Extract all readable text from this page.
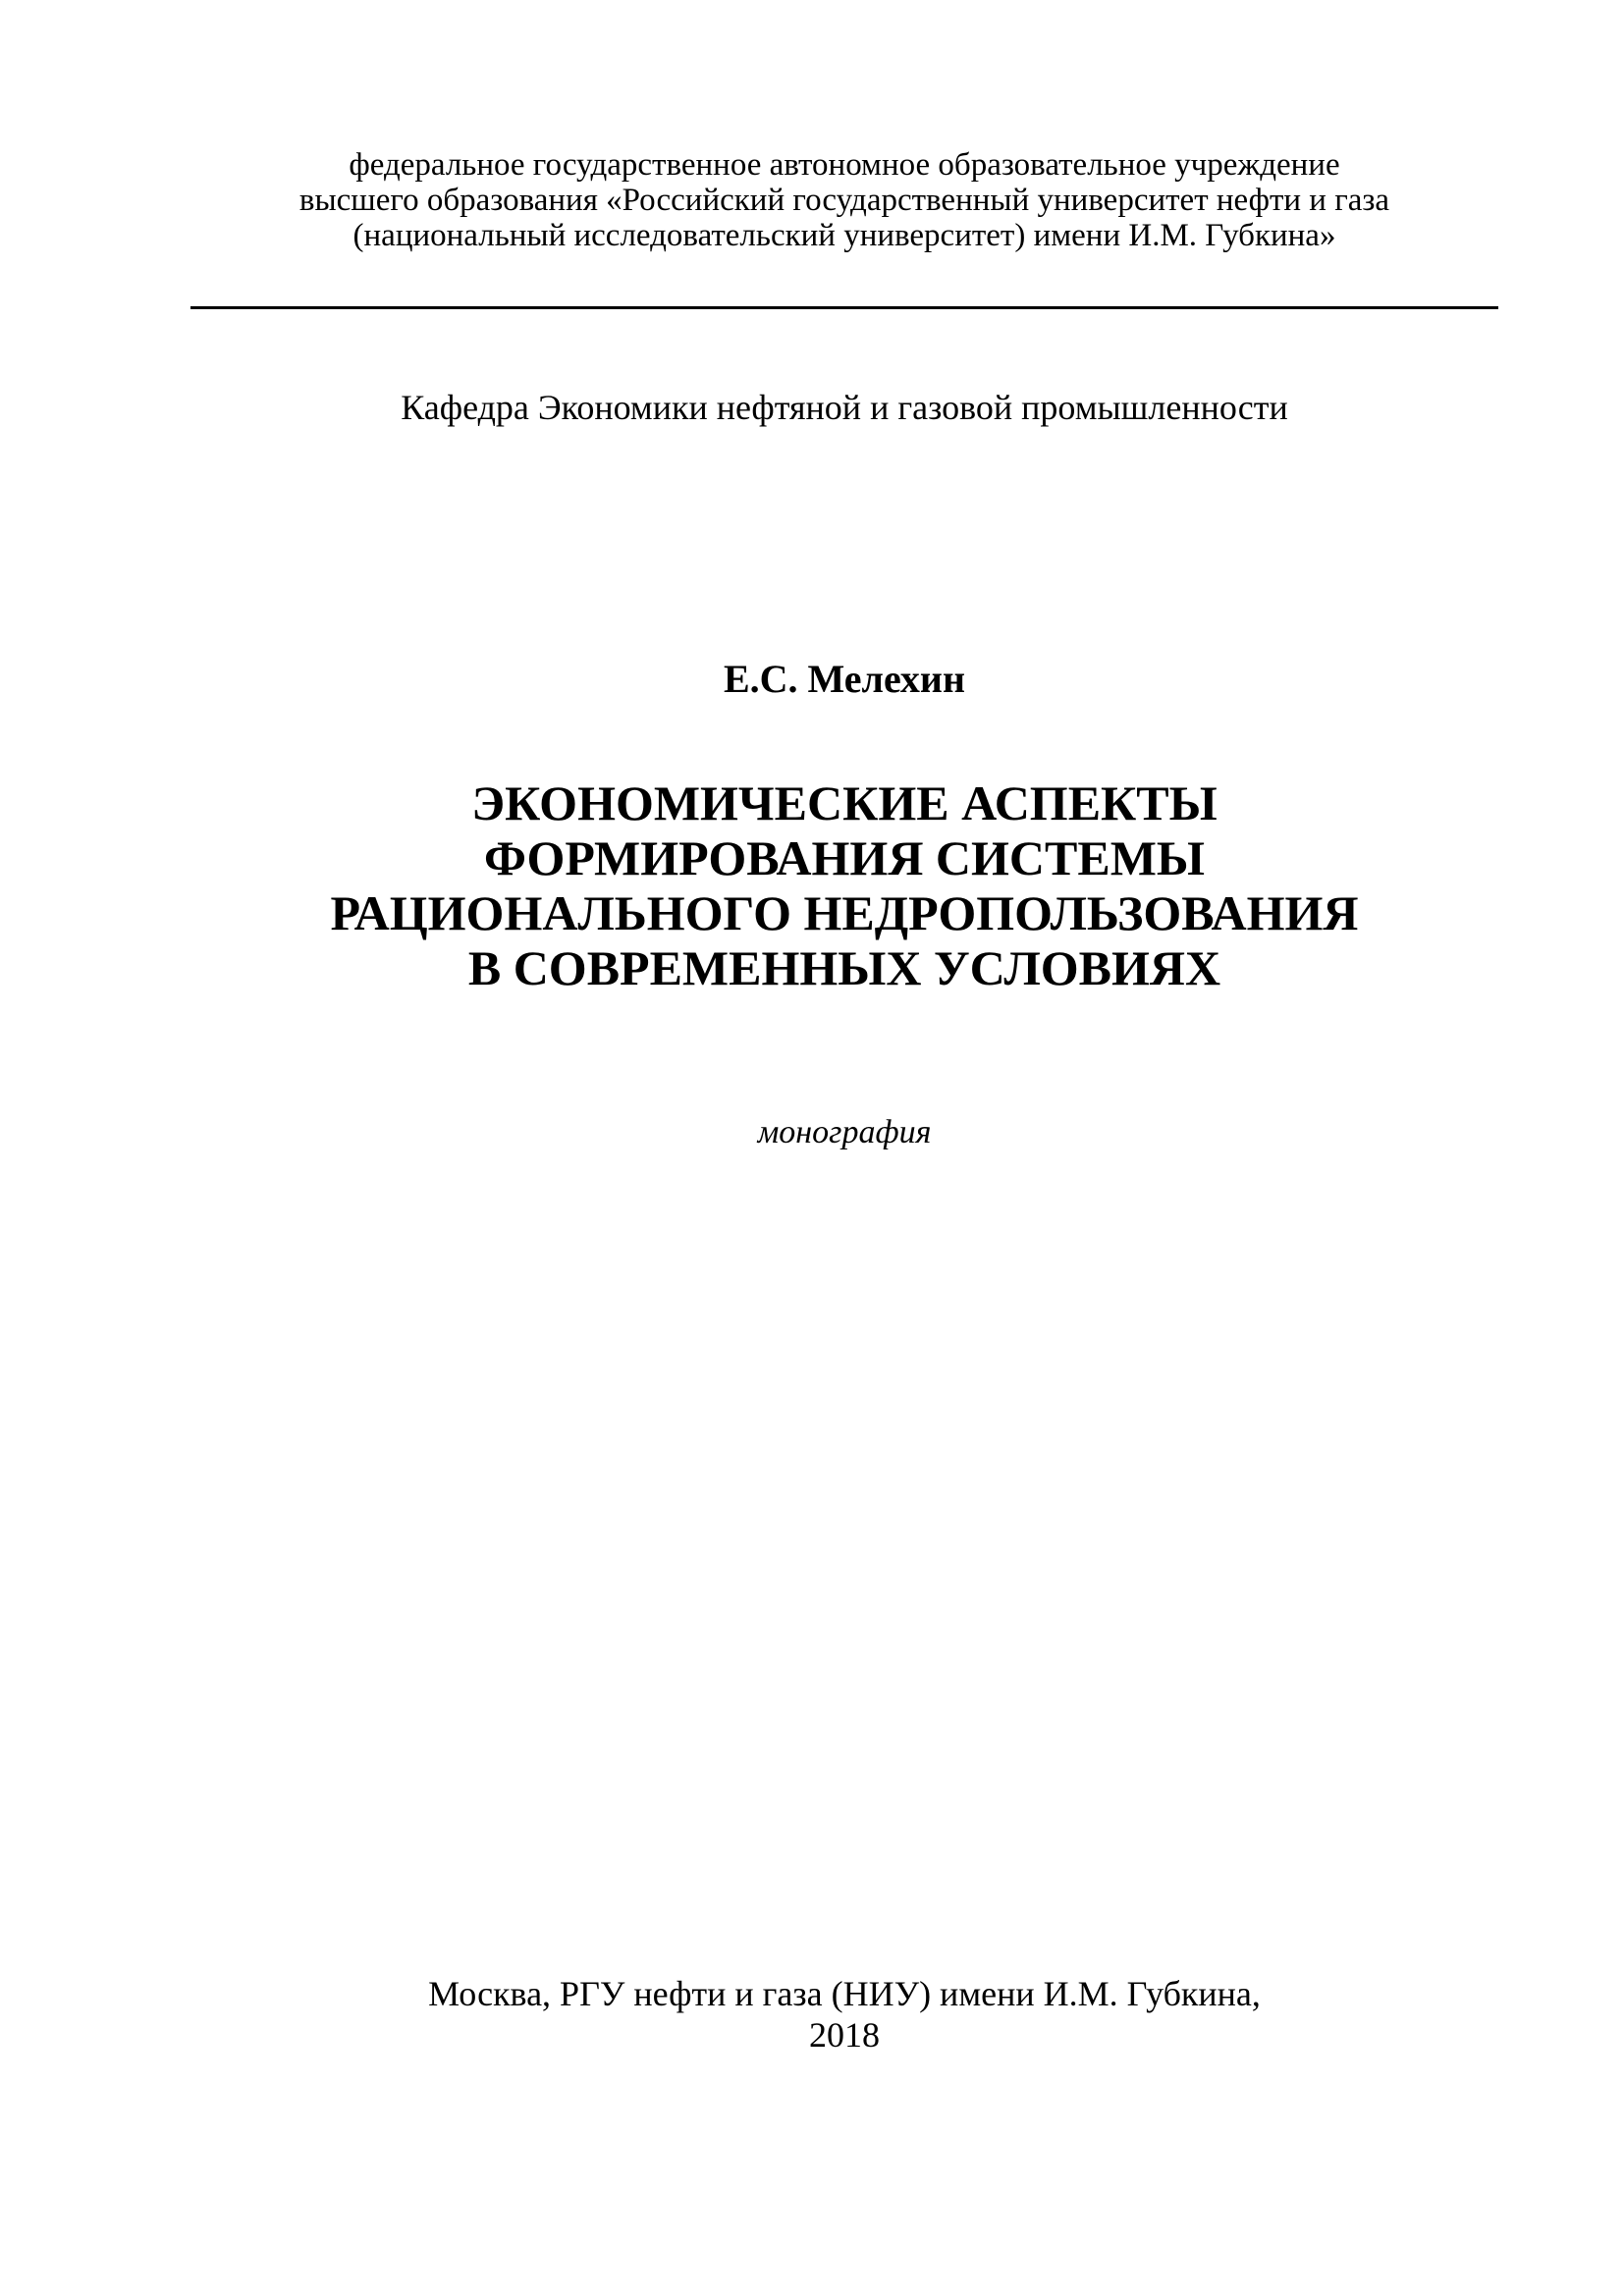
федеральное государственное автономное образовательное учреждение
высшего образования «Российский государственный университет нефти и газа
(национальный исследовательский университет) имени И.М. Губкина»
Кафедра Экономики нефтяной и газовой промышленности
Е.С. Мелехин
ЭКОНОМИЧЕСКИЕ АСПЕКТЫ
ФОРМИРОВАНИЯ СИСТЕМЫ
РАЦИОНАЛЬНОГО НЕДРОПОЛЬЗОВАНИЯ
В СОВРЕМЕННЫХ УСЛОВИЯХ
монография
Москва, РГУ нефти и газа (НИУ) имени И.М. Губкина,
2018
